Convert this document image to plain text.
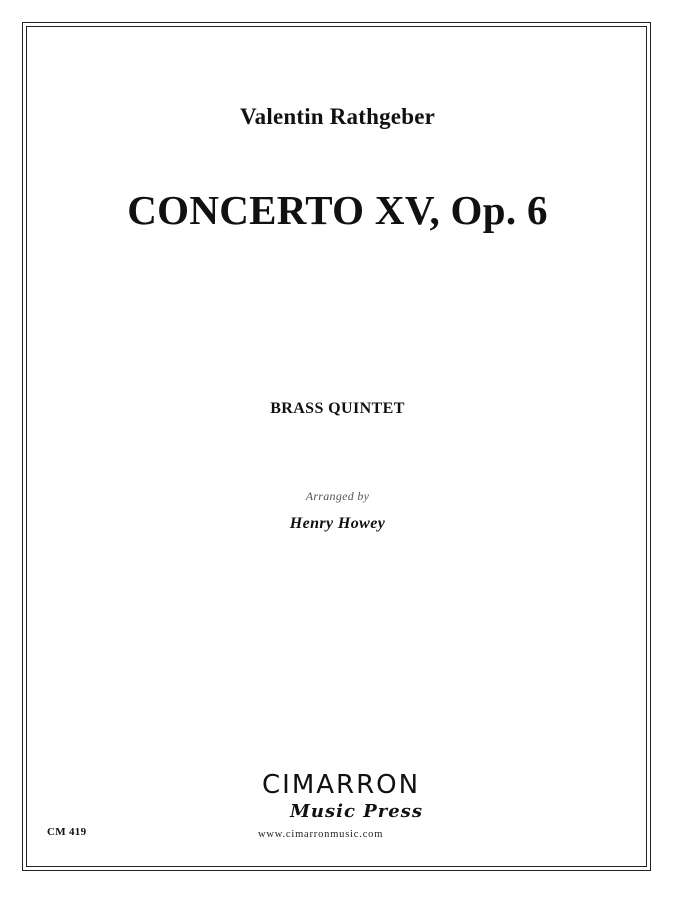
Valentin Rathgeber
CONCERTO XV, Op. 6
BRASS QUINTET
Arranged by
Henry Howey
CM 419
CIMARRON
Music Press
www.cimarronmusic.com
